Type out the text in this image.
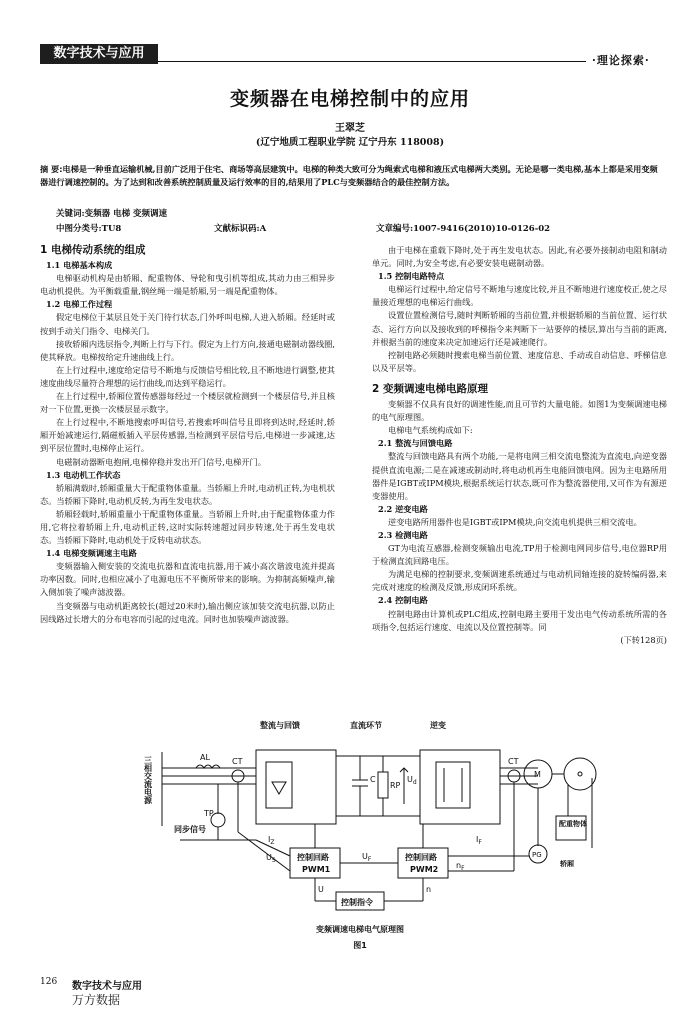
数字技术与应用	·理论探索·
变频器在电梯控制中的应用
王翠芝
(辽宁地质工程职业学院 辽宁丹东 118008)

摘 要:电梯是一种垂直运输机械,目前广泛用于住宅、商场等高层建筑中。电梯的种类大致可分为绳索式电梯和液压式电梯两大类别。无论是哪一类电梯,基本上都是采用变频器进行调速控制的。为了达到和改善系统控制质量及运行效率的目的,结果用了PLC与变频器结合的最佳控制方法。

关键词:变频器 电梯 变频调速
中图分类号:TU8	文献标识码:A	文章编号:1007-9416(2010)10-0126-02

1 电梯传动系统的组成

1.1 电梯基本构成

电梯驱动机构是由轿厢、配重物体、导轮和曳引机等组成,其动力由三相异步电动机提供。为平衡载重量,钢丝绳一端是轿厢,另一端是配重物体。

1.2 电梯工作过程

假定电梯位于某层且处于关门待行状态,门外呼叫电梯,人进入轿厢。经延时或按到手动关门指令、电梯关门。

接收轿厢内选层指令,判断上行与下行。假定为上行方向,接通电磁制动器线圈,使其释放。电梯按给定升速曲线上行。

在上行过程中,速度给定信号不断地与反馈信号相比较,且不断地进行调整,使其速度曲线尽量符合理想的运行曲线,而达到平稳运行。

在上行过程中,轿厢位置传感器每经过一个楼层就检测到一个楼层信号,并且核对一下位置,更换一次楼层显示数字。

在上行过程中,不断地搜索呼叫信号,若搜索呼叫信号且即将到达时,经延时,轿厢开始减速运行,隔磁板插入平层传感器,当检测到平层信号后,电梯进一步减速,达到平层位置时,电梯停止运行。

电磁制动器断电抱闸,电梯停稳并发出开门信号,电梯开门。

1.3 电动机工作状态

轿厢满载时,轿厢重量大于配重物体重量。当轿厢上升时,电动机正转,为电机状态。当轿厢下降时,电动机反转,为再生发电状态。

轿厢轻载时,轿厢重量小于配重物体重量。当轿厢上升时,由于配重物体重力作用,它将拉着轿厢上升,电动机正转,这时实际转速超过同步转速,处于再生发电状态。当轿厢下降时,电动机处于反转电动状态。

1.4 电梯变频调速主电路

变频器输入侧安装的交流电抗器和直流电抗器,用于减小高次谐波电流并提高功率因数。同时,也相应减小了电源电压不平衡所带来的影响。为抑制高频噪声,输入侧加装了噪声滤波器。

当变频器与电动机距离较长(超过20米时),输出侧应该加装交流电抗器,以防止因线路过长增大的分布电容而引起的过电流。同时也加装噪声滤波器。

由于电梯在重载下降时,处于再生发电状态。因此,有必要外接制动电阻和制动单元。同时,为安全考虑,有必要安装电磁制动器。

1.5 控制电路特点

电梯运行过程中,给定信号不断地与速度比较,并且不断地进行速度校正,使之尽量接近理想的电梯运行曲线。

设置位置检测信号,随时判断轿厢的当前位置,并根据轿厢的当前位置、运行状态、运行方向以及接收到的呼梯指令来判断下一站要停的楼层,算出与当前的距离,并根据当前的速度来决定加速运行还是减速爬行。

控制电路必须随时搜索电梯当前位置、速度信息、手动或自动信息、呼梯信息以及平层等。

2 变频调速电梯电路原理

变频器不仅具有良好的调速性能,而且可节约大量电能。如图1为变频调速电梯的电气原理图。

电梯电气系统构成如下:

2.1 整流与回馈电路

整流与回馈电路具有两个功能,一是将电网三相交流电整流为直流电,向逆变器提供直流电源;二是在减速或制动时,将电动机再生电能回馈电网。因为主电路所用器件是IGBT或IPM模块,根据系统运行状态,既可作为整流器使用,又可作为有源逆变器使用。

2.2 逆变电路

逆变电路所用器件也是IGBT或IPM模块,向交流电机提供三相交流电。

2.3 检测电路

GT为电流互感器,检测变频输出电流,TP用于检测电网同步信号,电位器RP用于检测直流回路电压。

为满足电梯的控制要求,变频调速系统通过与电动机同轴连接的旋转编码器,来完成对速度的检测及反馈,形成闭环系统。

2.4 控制电路

控制电路由计算机或PLC组成,控制电路主要用于发出电气传动系统所需的各项指令,包括运行速度、电流以及位置控制等。同

(下转128页)

整流与回馈	直流环节	逆变
同步信号
控制回路
PWM1
控制回路
PWM2
控制指令
配重物体
轿厢
AL	CT	CT
TP
C
RP
$U_d$
M
PG
$U_F$
$U_S$
U
$n_F$
n
$I_Z$	$I_F$
三相交流电源
变频调速电梯电气原理图
图1
126 数字技术与应用
万方数据
